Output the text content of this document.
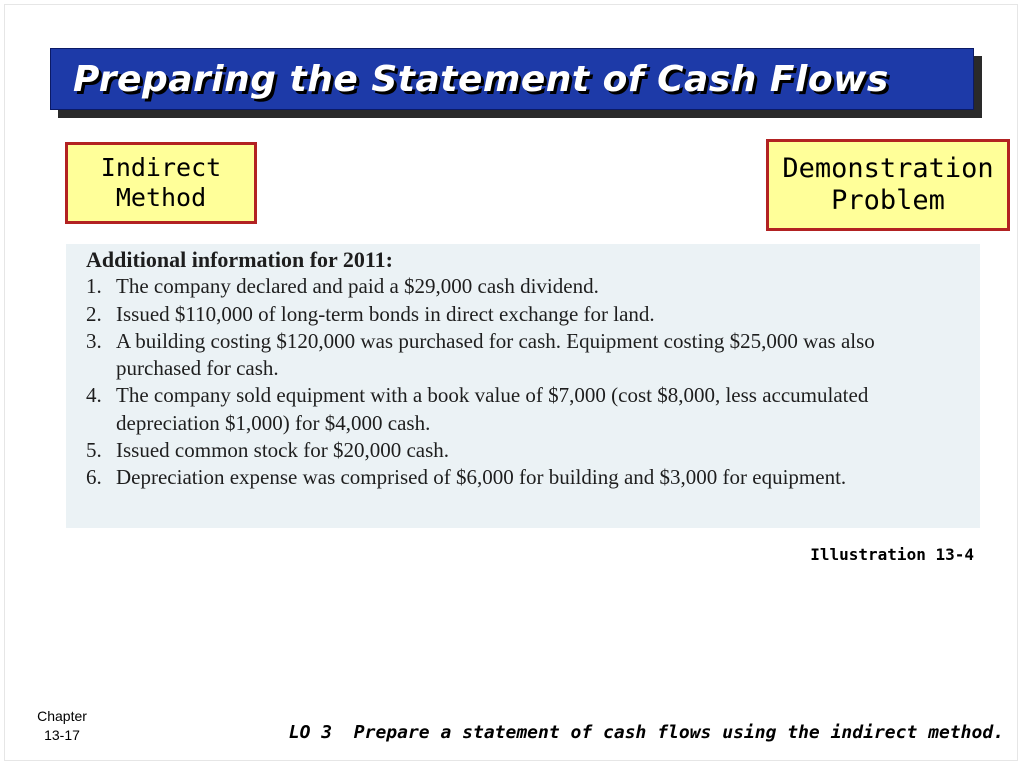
Preparing the Statement of Cash Flows
Indirect
Method
Demonstration
Problem
Additional information for 2011:
1. The company declared and paid a $29,000 cash dividend.
2. Issued $110,000 of long-term bonds in direct exchange for land.
3. A building costing $120,000 was purchased for cash. Equipment costing $25,000 was also purchased for cash.
4. The company sold equipment with a book value of $7,000 (cost $8,000, less accumulated depreciation $1,000) for $4,000 cash.
5. Issued common stock for $20,000 cash.
6. Depreciation expense was comprised of $6,000 for building and $3,000 for equipment.
Illustration 13-4
Chapter
13-17	LO 3  Prepare a statement of cash flows using the indirect method.
